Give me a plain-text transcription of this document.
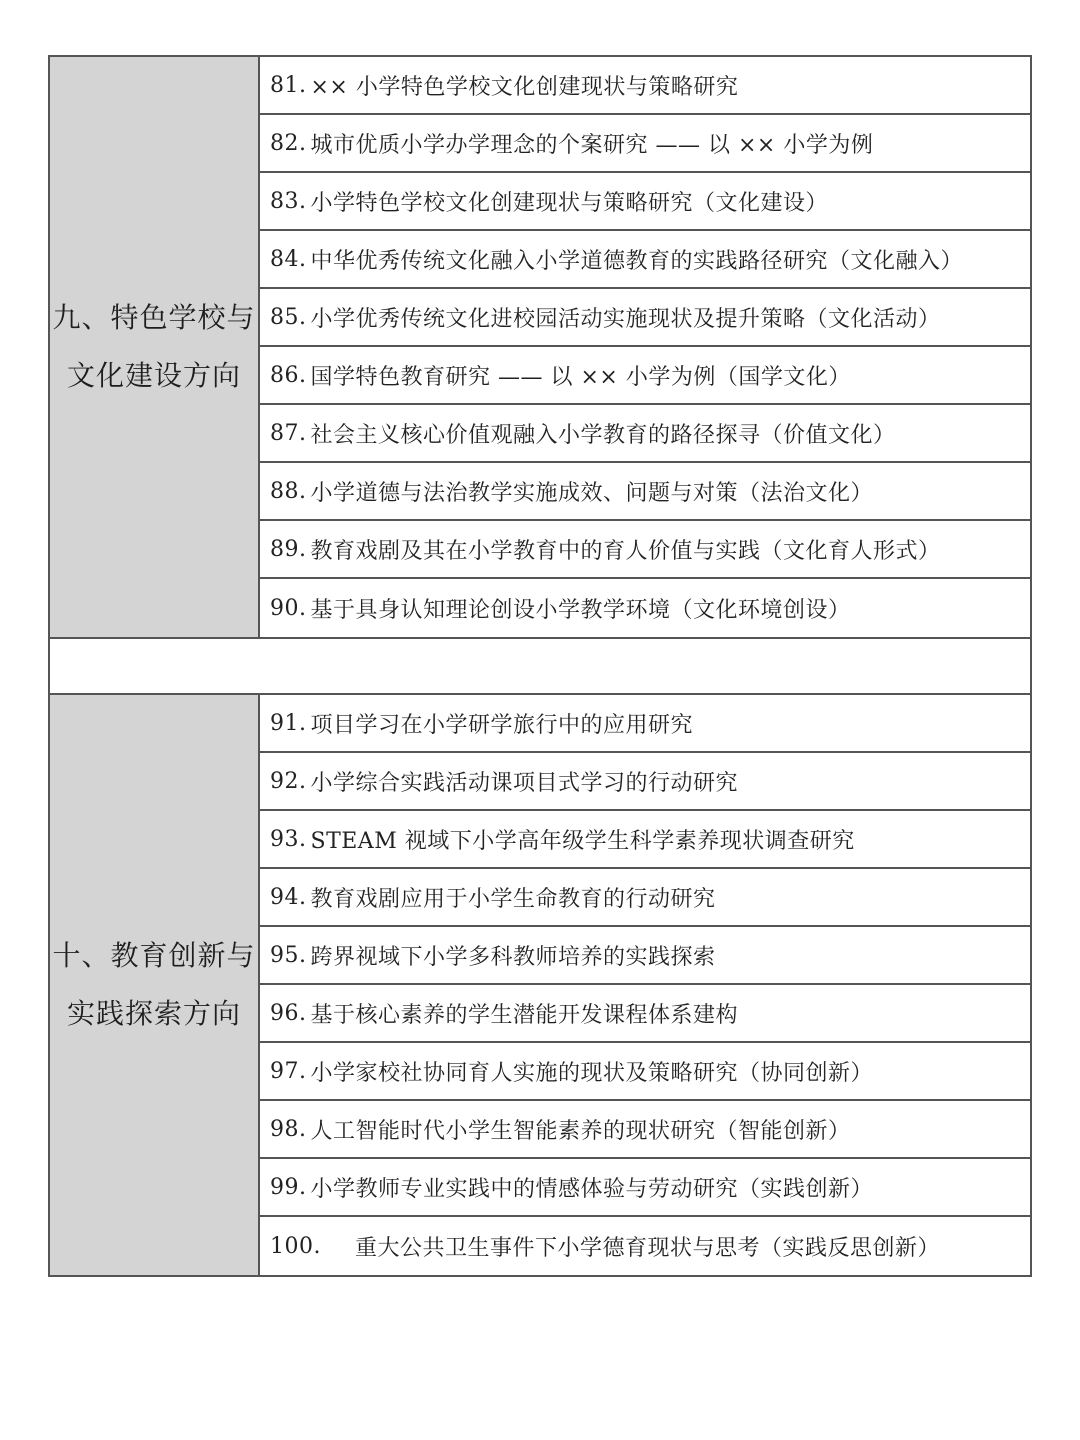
九、特色学校与
文化建设方向
81. ×× 小学特色学校文化创建现状与策略研究
82. 城市优质小学办学理念的个案研究 —— 以 ×× 小学为例
83. 小学特色学校文化创建现状与策略研究（文化建设）
84. 中华优秀传统文化融入小学道德教育的实践路径研究（文化融入）
85. 小学优秀传统文化进校园活动实施现状及提升策略（文化活动）
86. 国学特色教育研究 —— 以 ×× 小学为例（国学文化）
87. 社会主义核心价值观融入小学教育的路径探寻（价值文化）
88. 小学道德与法治教学实施成效、问题与对策（法治文化）
89. 教育戏剧及其在小学教育中的育人价值与实践（文化育人形式）
90. 基于具身认知理论创设小学教学环境（文化环境创设）
十、教育创新与
实践探索方向
91. 项目学习在小学研学旅行中的应用研究
92. 小学综合实践活动课项目式学习的行动研究
93. STEAM 视域下小学高年级学生科学素养现状调查研究
94. 教育戏剧应用于小学生命教育的行动研究
95. 跨界视域下小学多科教师培养的实践探索
96. 基于核心素养的学生潜能开发课程体系建构
97. 小学家校社协同育人实施的现状及策略研究（协同创新）
98. 人工智能时代小学生智能素养的现状研究（智能创新）
99. 小学教师专业实践中的情感体验与劳动研究（实践创新）
100. 重大公共卫生事件下小学德育现状与思考（实践反思创新）
